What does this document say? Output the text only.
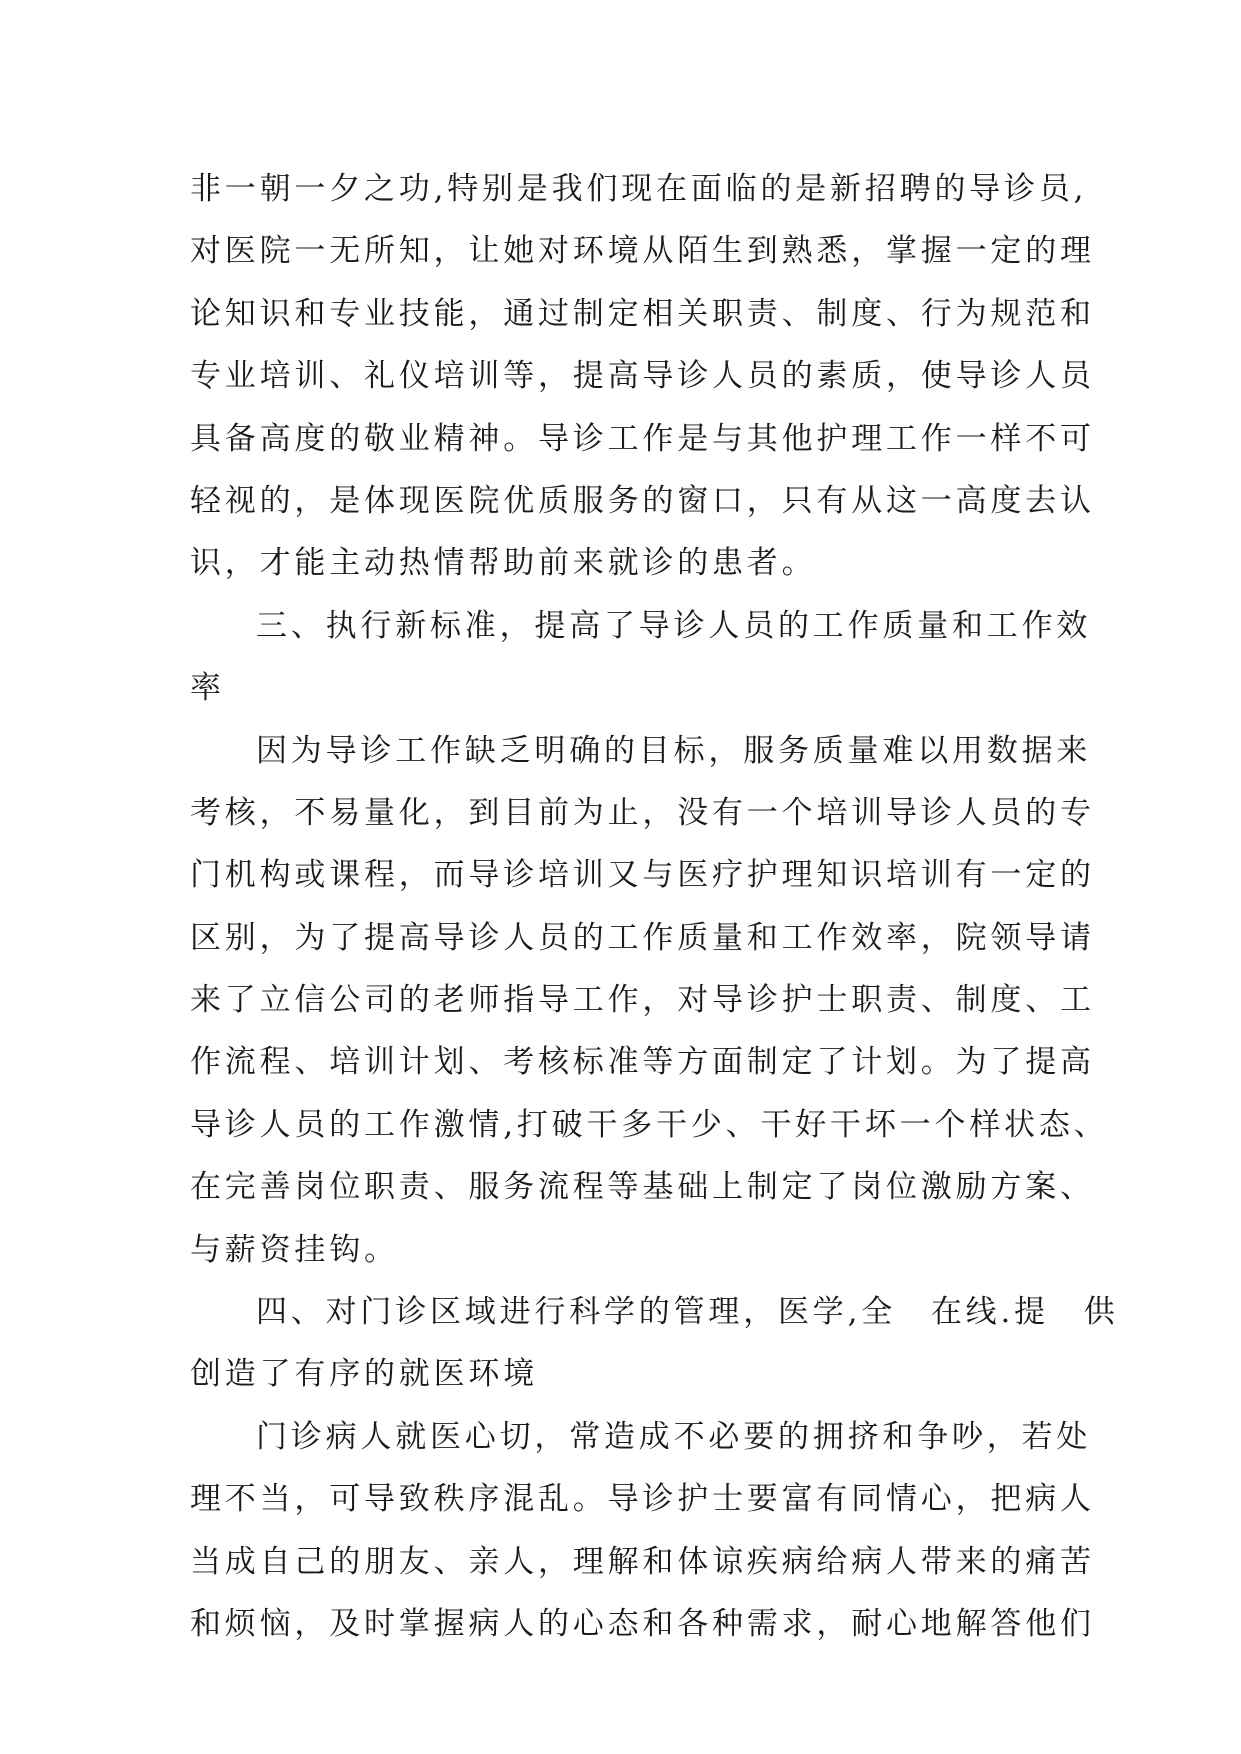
非一朝一夕之功,特别是我们现在面临的是新招聘的导诊员,
对医院一无所知，让她对环境从陌生到熟悉，掌握一定的理
论知识和专业技能，通过制定相关职责、制度、行为规范和
专业培训、礼仪培训等，提高导诊人员的素质，使导诊人员
具备高度的敬业精神。导诊工作是与其他护理工作一样不可
轻视的，是体现医院优质服务的窗口，只有从这一高度去认
识，才能主动热情帮助前来就诊的患者。
三、执行新标准，提高了导诊人员的工作质量和工作效
率
因为导诊工作缺乏明确的目标，服务质量难以用数据来
考核，不易量化，到目前为止，没有一个培训导诊人员的专
门机构或课程，而导诊培训又与医疗护理知识培训有一定的
区别，为了提高导诊人员的工作质量和工作效率，院领导请
来了立信公司的老师指导工作，对导诊护士职责、制度、工
作流程、培训计划、考核标准等方面制定了计划。为了提高
导诊人员的工作激情,打破干多干少、干好干坏一个样状态、
在完善岗位职责、服务流程等基础上制定了岗位激励方案、
与薪资挂钩。
四、对门诊区域进行科学的管理，医学,全　在线.提　供
创造了有序的就医环境
门诊病人就医心切，常造成不必要的拥挤和争吵，若处
理不当，可导致秩序混乱。导诊护士要富有同情心，把病人
当成自己的朋友、亲人，理解和体谅疾病给病人带来的痛苦
和烦恼，及时掌握病人的心态和各种需求，耐心地解答他们
